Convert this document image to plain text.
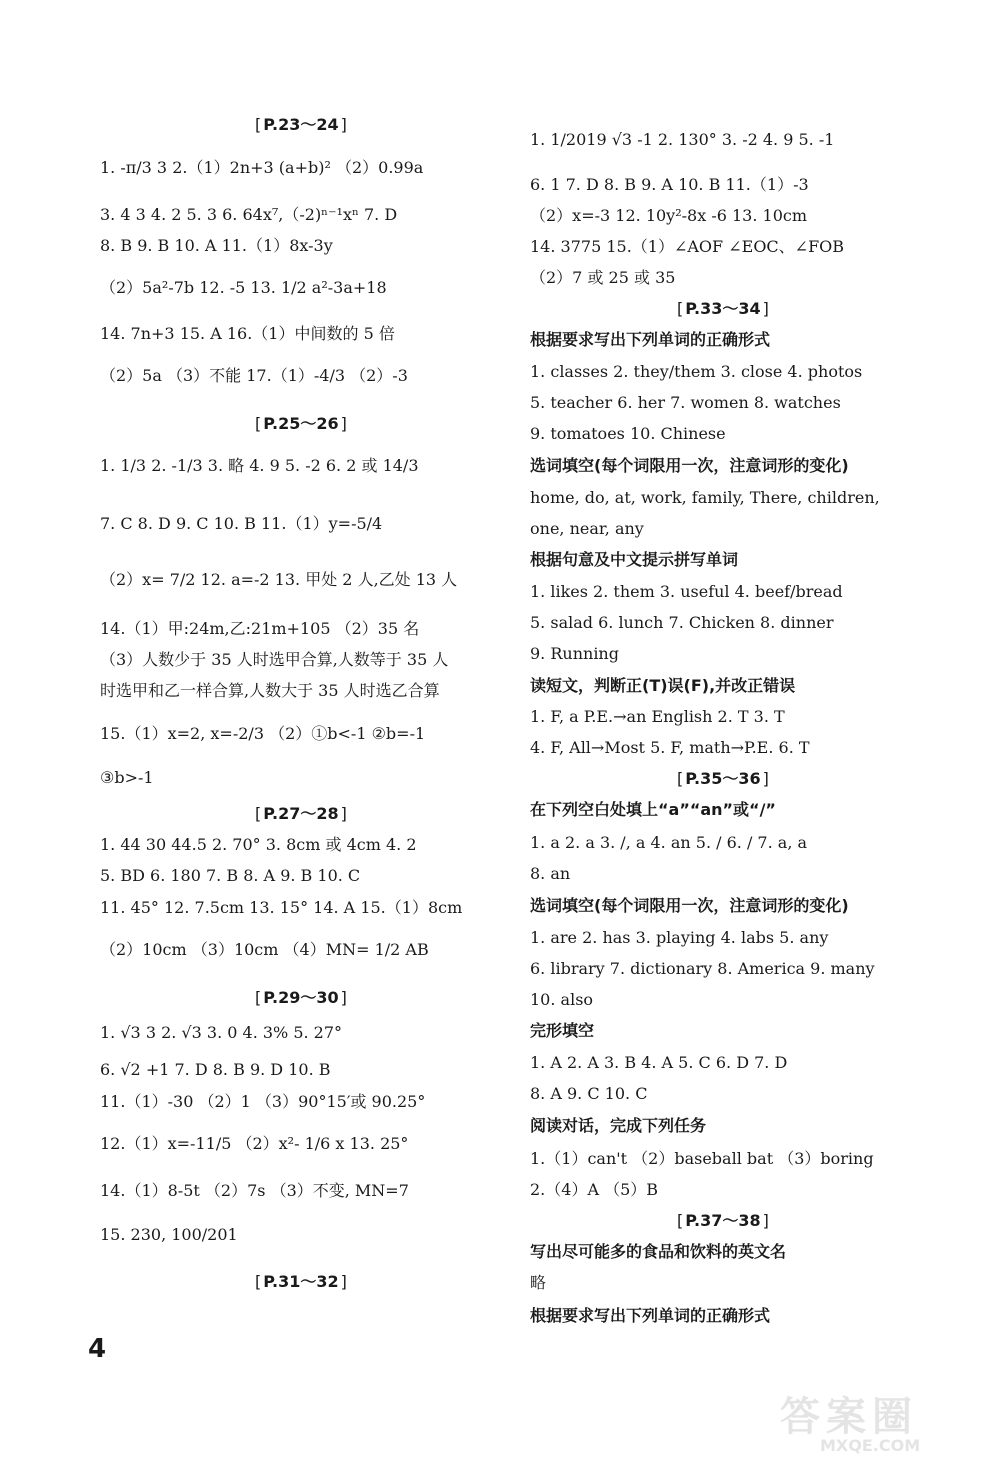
[ P.23～24 ]
1. -π/3 3 2.（1）2n+3 (a+b)² （2）0.99a
3. 4 3 4. 2 5. 3 6. 64x⁷,（-2)ⁿ⁻¹xⁿ 7. D
8. B 9. B 10. A 11.（1）8x-3y
（2）5a²-7b 12. -5 13. 1/2 a²-3a+18
14. 7n+3 15. A 16.（1）中间数的 5 倍
（2）5a （3）不能 17.（1）-4/3 （2）-3
[ P.25～26 ]
1. 1/3 2. -1/3 3. 略 4. 9 5. -2 6. 2 或 14/3
7. C 8. D 9. C 10. B 11.（1）y=-5/4
（2）x= 7/2 12. a=-2 13. 甲处 2 人,乙处 13 人
14.（1）甲:24m,乙:21m+105 （2）35 名
（3）人数少于 35 人时选甲合算,人数等于 35 人
时选甲和乙一样合算,人数大于 35 人时选乙合算
15.（1）x=2, x=-2/3 （2）①b<-1 ②b=-1
③b>-1
[ P.27～28 ]
1. 44 30 44.5 2. 70° 3. 8cm 或 4cm 4. 2
5. BD 6. 180 7. B 8. A 9. B 10. C
11. 45° 12. 7.5cm 13. 15° 14. A 15.（1）8cm
（2）10cm （3）10cm （4）MN= 1/2 AB
[ P.29～30 ]
1. √3 3 2. √3 3. 0 4. 3% 5. 27°
6. √2 +1 7. D 8. B 9. D 10. B
11.（1）-30 （2）1 （3）90°15′或 90.25°
12.（1）x=-11/5 （2）x²- 1/6 x 13. 25°
14.（1）8-5t （2）7s （3）不变, MN=7
15. 230, 100/201
[ P.31～32 ]
1. 1/2019 √3 -1 2. 130° 3. -2 4. 9 5. -1
6. 1 7. D 8. B 9. A 10. B 11.（1）-3
（2）x=-3 12. 10y²-8x -6 13. 10cm
14. 3775 15.（1）∠AOF ∠EOC、∠FOB
（2）7 或 25 或 35
[ P.33～34 ]
根据要求写出下列单词的正确形式
1. classes 2. they/them 3. close 4. photos
5. teacher 6. her 7. women 8. watches
9. tomatoes 10. Chinese
选词填空(每个词限用一次，注意词形的变化)
home, do, at, work, family, There, children,
one, near, any
根据句意及中文提示拼写单词
1. likes 2. them 3. useful 4. beef/bread
5. salad 6. lunch 7. Chicken 8. dinner
9. Running
读短文，判断正(T)误(F),并改正错误
1. F, a P.E.→an English 2. T 3. T
4. F, All→Most 5. F, math→P.E. 6. T
[ P.35～36 ]
在下列空白处填上“a”“an”或“/”
1. a 2. a 3. /, a 4. an 5. / 6. / 7. a, a
8. an
选词填空(每个词限用一次，注意词形的变化)
1. are 2. has 3. playing 4. labs 5. any
6. library 7. dictionary 8. America 9. many
10. also
完形填空
1. A 2. A 3. B 4. A 5. C 6. D 7. D
8. A 9. C 10. C
阅读对话，完成下列任务
1.（1）can't （2）baseball bat （3）boring
2.（4）A （5）B
[ P.37～38 ]
写出尽可能多的食品和饮料的英文名
略
根据要求写出下列单词的正确形式
4
答案圈
MXQE.COM
